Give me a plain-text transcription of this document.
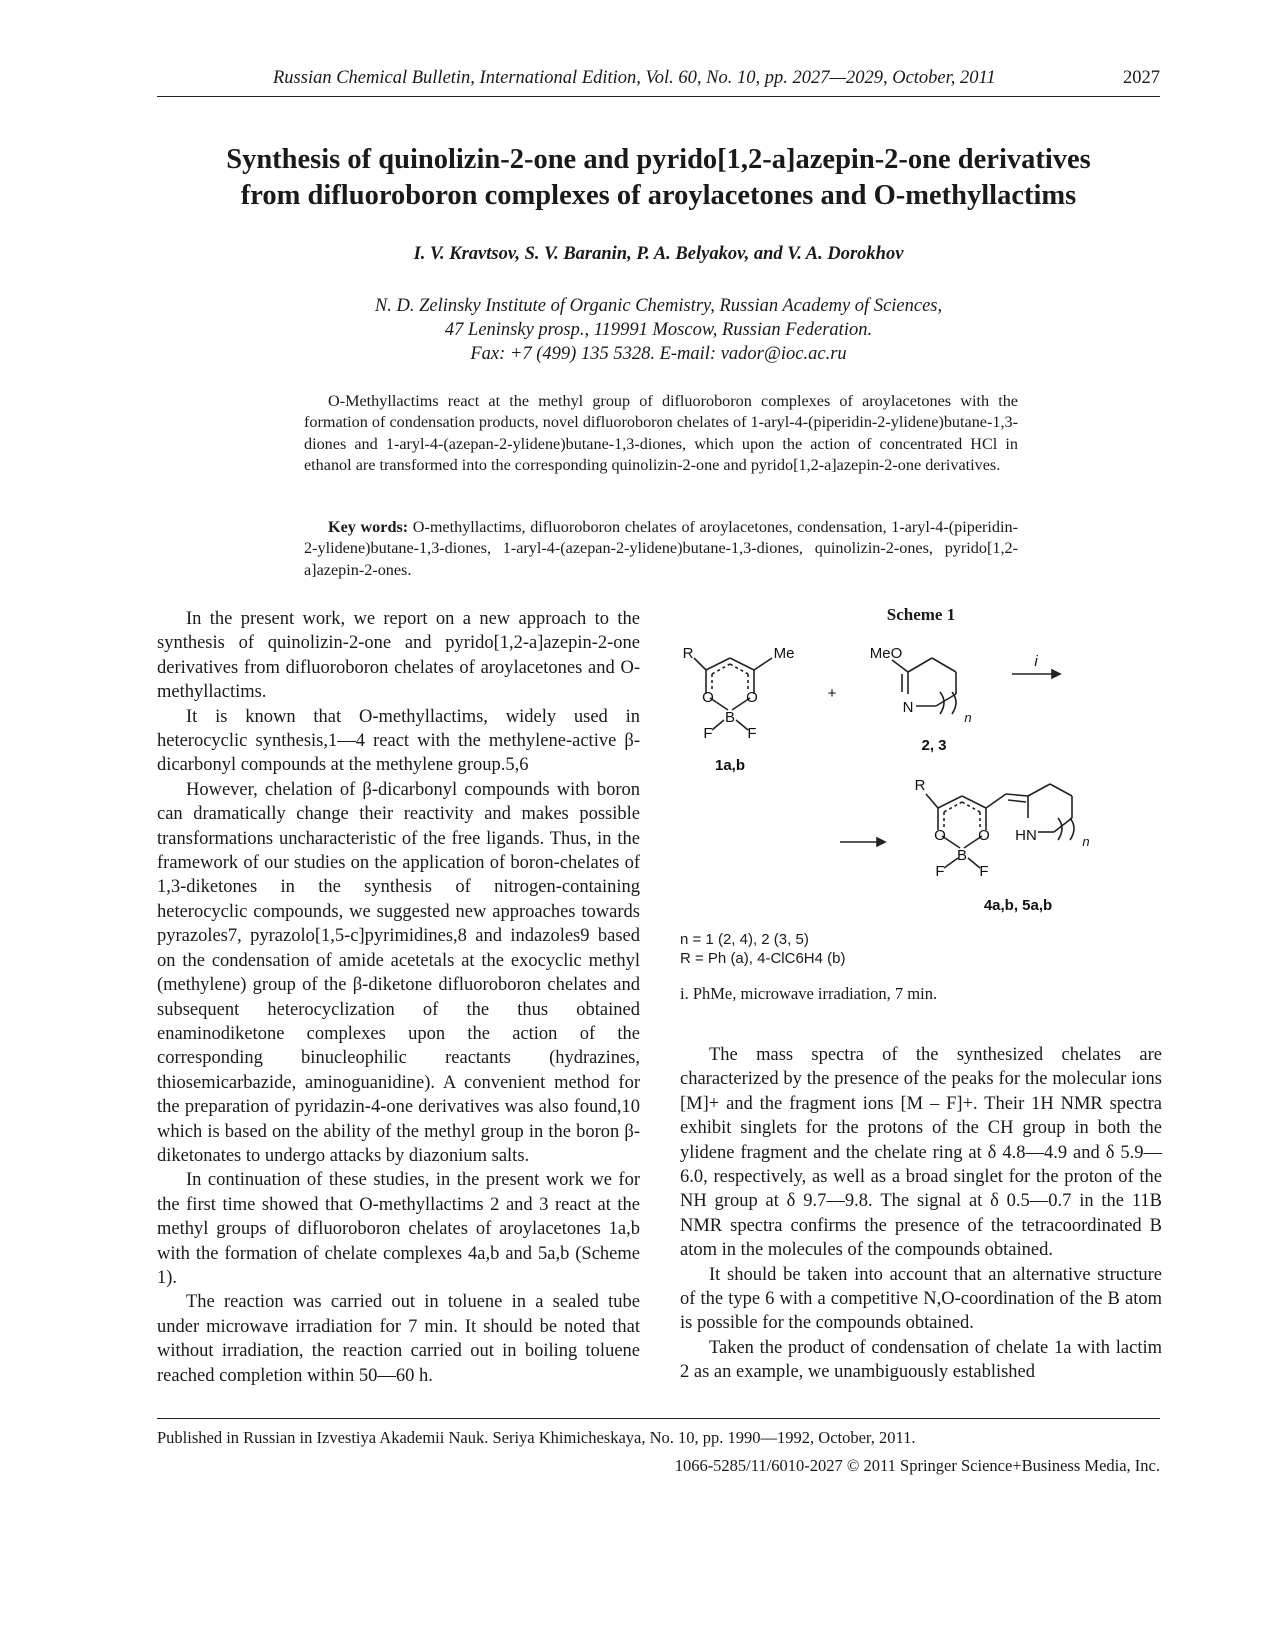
Russian Chemical Bulletin, International Edition, Vol. 60, No. 10, pp. 2027—2029, October, 2011	2027
Synthesis of quinolizin-2-one and pyrido[1,2-a]azepin-2-one derivatives
from difluoroboron complexes of aroylacetones and O-methyllactims
I. V. Kravtsov, S. V. Baranin, P. A. Belyakov, and V. A. Dorokhov
N. D. Zelinsky Institute of Organic Chemistry, Russian Academy of Sciences,
47 Leninsky prosp., 119991 Moscow, Russian Federation.
Fax: +7 (499) 135 5328. E-mail: vador@ioc.ac.ru
O-Methyllactims react at the methyl group of difluoroboron complexes of aroylacetones with the formation of condensation products, novel difluoroboron chelates of 1-aryl-4-(piperidin-2-ylidene)butane-1,3-diones and 1-aryl-4-(azepan-2-ylidene)butane-1,3-diones, which upon the action of concentrated HCl in ethanol are transformed into the corresponding quinolizin-2-one and pyrido[1,2-a]azepin-2-one derivatives.
Key words: O-methyllactims, difluoroboron chelates of aroylacetones, condensation, 1-aryl-4-(piperidin-2-ylidene)butane-1,3-diones, 1-aryl-4-(azepan-2-ylidene)butane-1,3-diones, quinolizin-2-ones, pyrido[1,2-a]azepin-2-ones.

In the present work, we report on a new approach to the synthesis of quinolizin-2-one and pyrido[1,2-a]azepin-2-one derivatives from difluoroboron chelates of aroylacetones and O-methyllactims.

It is known that O-methyllactims, widely used in heterocyclic synthesis,1—4 react with the methylene-active β-dicarbonyl compounds at the methylene group.5,6

However, chelation of β-dicarbonyl compounds with boron can dramatically change their reactivity and makes possible transformations uncharacteristic of the free ligands. Thus, in the framework of our studies on the application of boron-chelates of 1,3-diketones in the synthesis of nitrogen-containing heterocyclic compounds, we suggested new approaches towards pyrazoles7, pyrazolo[1,5-c]pyrimidines,8 and indazoles9 based on the condensation of amide acetetals at the exocyclic methyl (methylene) group of the β-diketone difluoroboron chelates and subsequent heterocyclization of the thus obtained enaminodiketone complexes upon the action of the corresponding binucleophilic reactants (hydrazines, thiosemicarbazide, aminoguanidine). A convenient method for the preparation of pyridazin-4-one derivatives was also found,10 which is based on the ability of the methyl group in the boron β-diketonates to undergo attacks by diazonium salts.

In continuation of these studies, in the present work we for the first time showed that O-methyllactims 2 and 3 react at the methyl groups of difluoroboron chelates of aroylacetones 1a,b with the formation of chelate complexes 4a,b and 5a,b (Scheme 1).

The reaction was carried out in toluene in a sealed tube under microwave irradiation for 7 min. It should be noted that without irradiation, the reaction carried out in boiling toluene reached completion within 50—60 h.

Scheme 1
R	Me
O O
B
F F
1a,b
+
MeO
N
n
2, 3
i
R
O O
B
F F
HN	n
4a,b, 5a,b
n = 1 (2, 4), 2 (3, 5)
R = Ph (a), 4-ClC6H4 (b)
i. PhMe, microwave irradiation, 7 min.

The mass spectra of the synthesized chelates are characterized by the presence of the peaks for the molecular ions [M]+ and the fragment ions [M – F]+. Their 1H NMR spectra exhibit singlets for the protons of the CH group in both the ylidene fragment and the chelate ring at δ 4.8—4.9 and δ 5.9—6.0, respectively, as well as a broad singlet for the proton of the NH group at δ 9.7—9.8. The signal at δ 0.5—0.7 in the 11B NMR spectra confirms the presence of the tetracoordinated B atom in the molecules of the compounds obtained.

It should be taken into account that an alternative structure of the type 6 with a competitive N,O-coordination of the B atom is possible for the compounds obtained.

Taken the product of condensation of chelate 1a with lactim 2 as an example, we unambiguously established

Published in Russian in Izvestiya Akademii Nauk. Seriya Khimicheskaya, No. 10, pp. 1990—1992, October, 2011.
1066-5285/11/6010-2027 © 2011 Springer Science+Business Media, Inc.
